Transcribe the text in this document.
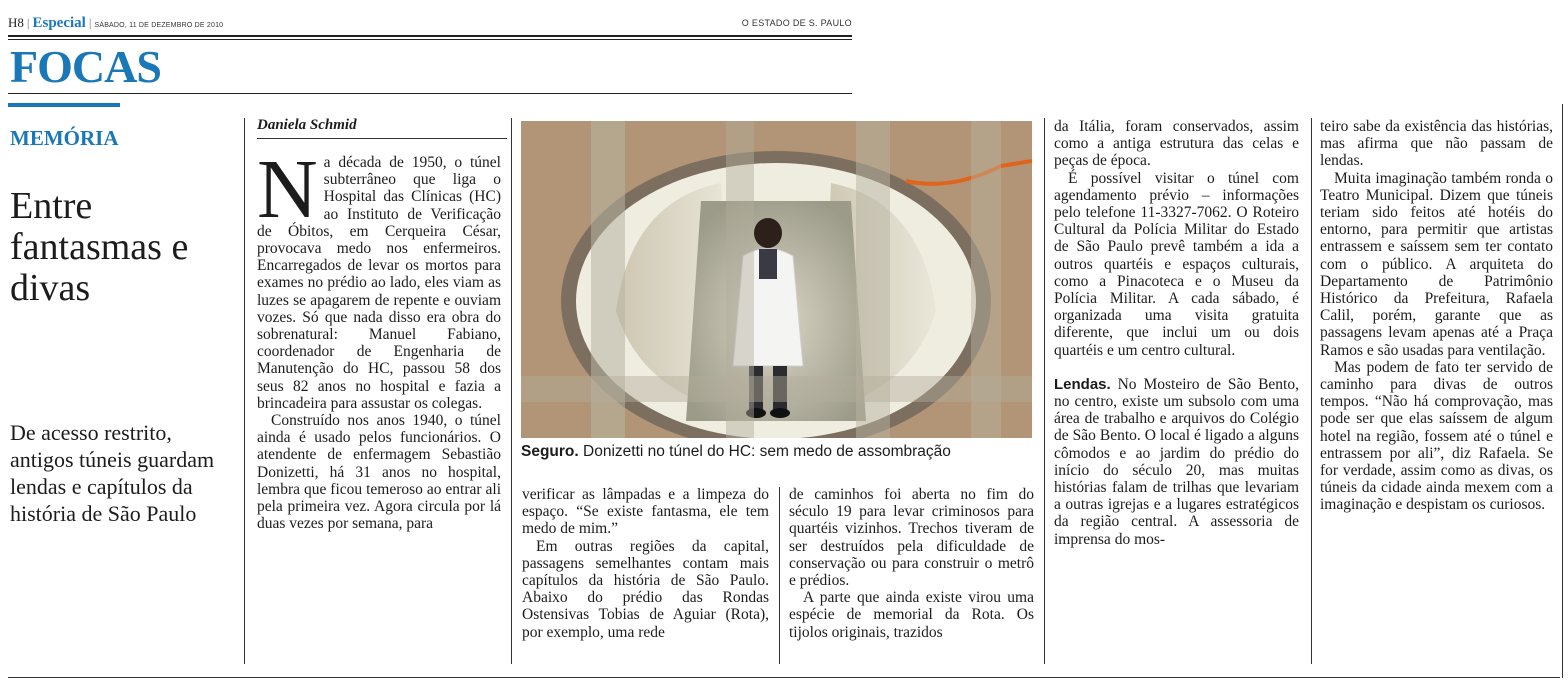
H8 | Especial | SÁBADO, 11 DE DEZEMBRO DE 2010	O ESTADO DE S. PAULO
FOCAS
MEMÓRIA
Entre fantasmas e divas
De acesso restrito, antigos túneis guardam lendas e capítulos da história de São Paulo
Daniela Schmid

Na década de 1950, o túnel subterrâneo que liga o Hospital das Clínicas (HC) ao Instituto de Verificação de Óbitos, em Cerqueira César, provocava medo nos enfermeiros. Encarregados de levar os mortos para exames no prédio ao lado, eles viam as luzes se apagarem de repente e ouviam vozes. Só que nada disso era obra do sobrenatural: Manuel Fabiano, coordenador de Engenharia de Manutenção do HC, passou 58 dos seus 82 anos no hospital e fazia a brincadeira para assustar os colegas.

Construído nos anos 1940, o túnel ainda é usado pelos funcionários. O atendente de enfermagem Sebastião Donizetti, há 31 anos no hospital, lembra que ficou temeroso ao entrar ali pela primeira vez. Agora circula por lá duas vezes por semana, para

Seguro. Donizetti no túnel do HC: sem medo de assombração

verificar as lâmpadas e a limpeza do espaço. “Se existe fantasma, ele tem medo de mim.”

Em outras regiões da capital, passagens semelhantes contam mais capítulos da história de São Paulo. Abaixo do prédio das Rondas Ostensivas Tobias de Aguiar (Rota), por exemplo, uma rede

de caminhos foi aberta no fim do século 19 para levar criminosos para quartéis vizinhos. Trechos tiveram de ser destruídos pela dificuldade de conservação ou para construir o metrô e prédios.

A parte que ainda existe virou uma espécie de memorial da Rota. Os tijolos originais, trazidos

da Itália, foram conservados, assim como a antiga estrutura das celas e peças de época.

É possível visitar o túnel com agendamento prévio – informações pelo telefone 11-3327-7062. O Roteiro Cultural da Polícia Militar do Estado de São Paulo prevê também a ida a outros quartéis e espaços culturais, como a Pinacoteca e o Museu da Polícia Militar. A cada sábado, é organizada uma visita gratuita diferente, que inclui um ou dois quartéis e um centro cultural.

Lendas. No Mosteiro de São Bento, no centro, existe um subsolo com uma área de trabalho e arquivos do Colégio de São Bento. O local é ligado a alguns cômodos e ao jardim do prédio do início do século 20, mas muitas histórias falam de trilhas que levariam a outras igrejas e a lugares estratégicos da região central. A assessoria de imprensa do mos-

teiro sabe da existência das histórias, mas afirma que não passam de lendas.

Muita imaginação também ronda o Teatro Municipal. Dizem que túneis teriam sido feitos até hotéis do entorno, para permitir que artistas entrassem e saíssem sem ter contato com o público. A arquiteta do Departamento de Patrimônio Histórico da Prefeitura, Rafaela Calil, porém, garante que as passagens levam apenas até a Praça Ramos e são usadas para ventilação.

Mas podem de fato ter servido de caminho para divas de outros tempos. “Não há comprovação, mas pode ser que elas saíssem de algum hotel na região, fossem até o túnel e entrassem por ali”, diz Rafaela. Se for verdade, assim como as divas, os túneis da cidade ainda mexem com a imaginação e despistam os curiosos.
